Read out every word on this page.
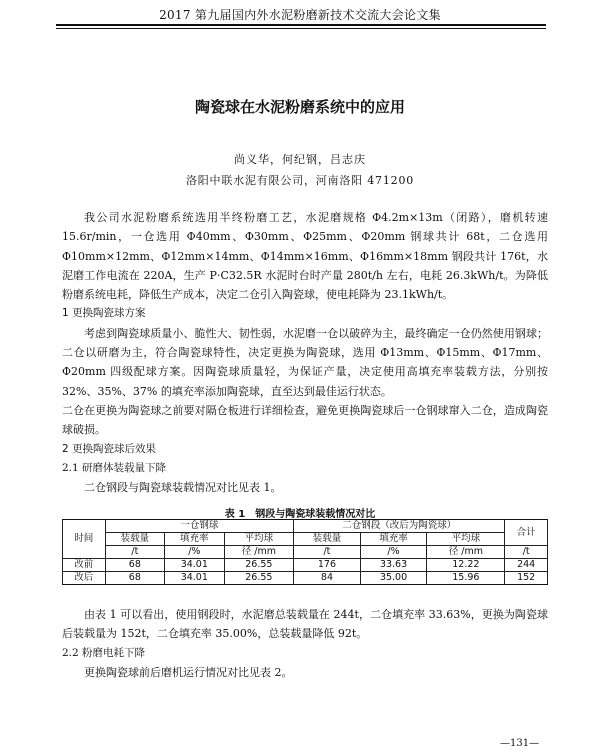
2017 第九届国内外水泥粉磨新技术交流大会论文集
陶瓷球在水泥粉磨系统中的应用
尚义华，何纪钢，吕志庆
洛阳中联水泥有限公司，河南洛阳 471200

我公司水泥粉磨系统选用半终粉磨工艺，水泥磨规格 Φ4.2m×13m（闭路），磨机转速 15.6r/min，一仓选用 Φ40mm、Φ30mm、Φ25mm、Φ20mm 钢球共计 68t，二仓选用 Φ10mm×12mm、Φ12mm×14mm、Φ14mm×16mm、Φ16mm×18mm 钢段共计 176t，水泥磨工作电流在 220A，生产 P·C32.5R 水泥时台时产量 280t/h 左右，电耗 26.3kWh/t。为降低粉磨系统电耗，降低生产成本，决定二仓引入陶瓷球，使电耗降为 23.1kWh/t。

1 更换陶瓷球方案

考虑到陶瓷球质量小、脆性大、韧性弱，水泥磨一仓以破碎为主，最终确定一仓仍然使用钢球；二仓以研磨为主，符合陶瓷球特性，决定更换为陶瓷球，选用 Φ13mm、Φ15mm、Φ17mm、Φ20mm 四级配球方案。因陶瓷球质量轻，为保证产量，决定使用高填充率装载方法，分别按 32%、35%、37% 的填充率添加陶瓷球，直至达到最佳运行状态。

二仓在更换为陶瓷球之前要对隔仓板进行详细检查，避免更换陶瓷球后一仓钢球窜入二仓，造成陶瓷球破损。

2 更换陶瓷球后效果

2.1 研磨体装载量下降

二仓钢段与陶瓷球装载情况对比见表 1。

表 1　钢段与陶瓷球装载情况对比
时间	一仓钢球			二仓钢段（改后为陶瓷球）			合计
	装载量	填充率	平均球	装载量	填充率	平均球	
	/t	/%	径 /mm	/t	/%	径 /mm	/t
改前	68	34.01	26.55	176	33.63	12.22	244
改后	68	34.01	26.55	84	35.00	15.96	152

由表 1 可以看出，使用钢段时，水泥磨总装载量在 244t，二仓填充率 33.63%，更换为陶瓷球后装载量为 152t，二仓填充率 35.00%，总装载量降低 92t。

2.2 粉磨电耗下降

更换陶瓷球前后磨机运行情况对比见表 2。

—131—
